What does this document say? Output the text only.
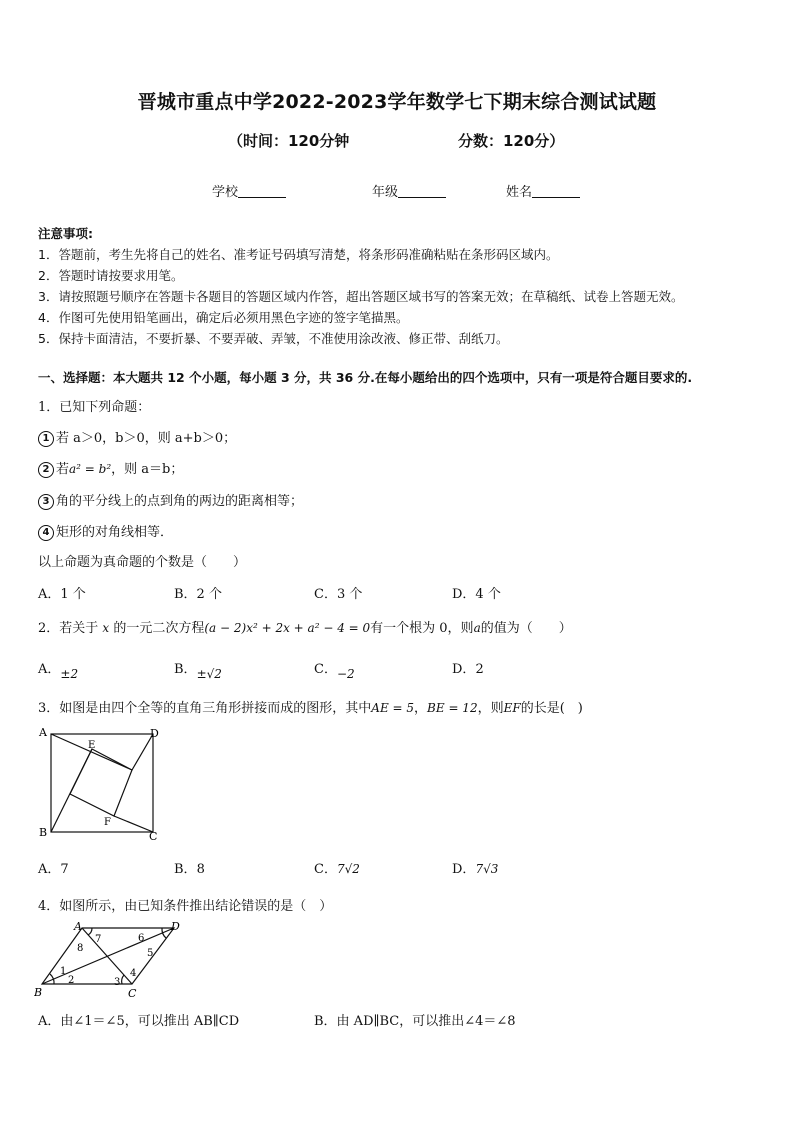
晋城市重点中学2022-2023学年数学七下期末综合测试试题
（时间：120分钟	分数：120分）
学校	年级	姓名
注意事项:
1．答题前，考生先将自己的姓名、准考证号码填写清楚，将条形码准确粘贴在条形码区域内。
2．答题时请按要求用笔。
3．请按照题号顺序在答题卡各题目的答题区域内作答，超出答题区域书写的答案无效；在草稿纸、试卷上答题无效。
4．作图可先使用铅笔画出，确定后必须用黑色字迹的签字笔描黑。
5．保持卡面清洁，不要折暴、不要弄破、弄皱，不准使用涂改液、修正带、刮纸刀。
一、选择题：本大题共 12 个小题，每小题 3 分，共 36 分.在每小题给出的四个选项中，只有一项是符合题目要求的.
1．已知下列命题：
1 若 a＞0，b＞0，则 a+b＞0；
2 若a² = b²，则 a＝b；
3 角的平分线上的点到角的两边的距离相等；
4 矩形的对角线相等．
以上命题为真命题的个数是（　　）
A．1 个	B．2 个	C．3 个	D．4 个
2．若关于 x 的一元二次方程(a − 2)x² + 2x + a² − 4 = 0有一个根为 0，则a的值为（　　）
A．±2	B．±√2	C．−2	D．2
3．如图是由四个全等的直角三角形拼接而成的图形，其中AE = 5，BE = 12，则EF的长是(　)
A
B	C
D
E
F
A．7	B．8	C．7√2	D．7√3
4．如图所示，由已知条件推出结论错误的是（　）
A
B	C
D
1
2	3
4
5
6
7
8
A．由∠1＝∠5，可以推出 AB∥CD	B．由 AD∥BC，可以推出∠4＝∠8
